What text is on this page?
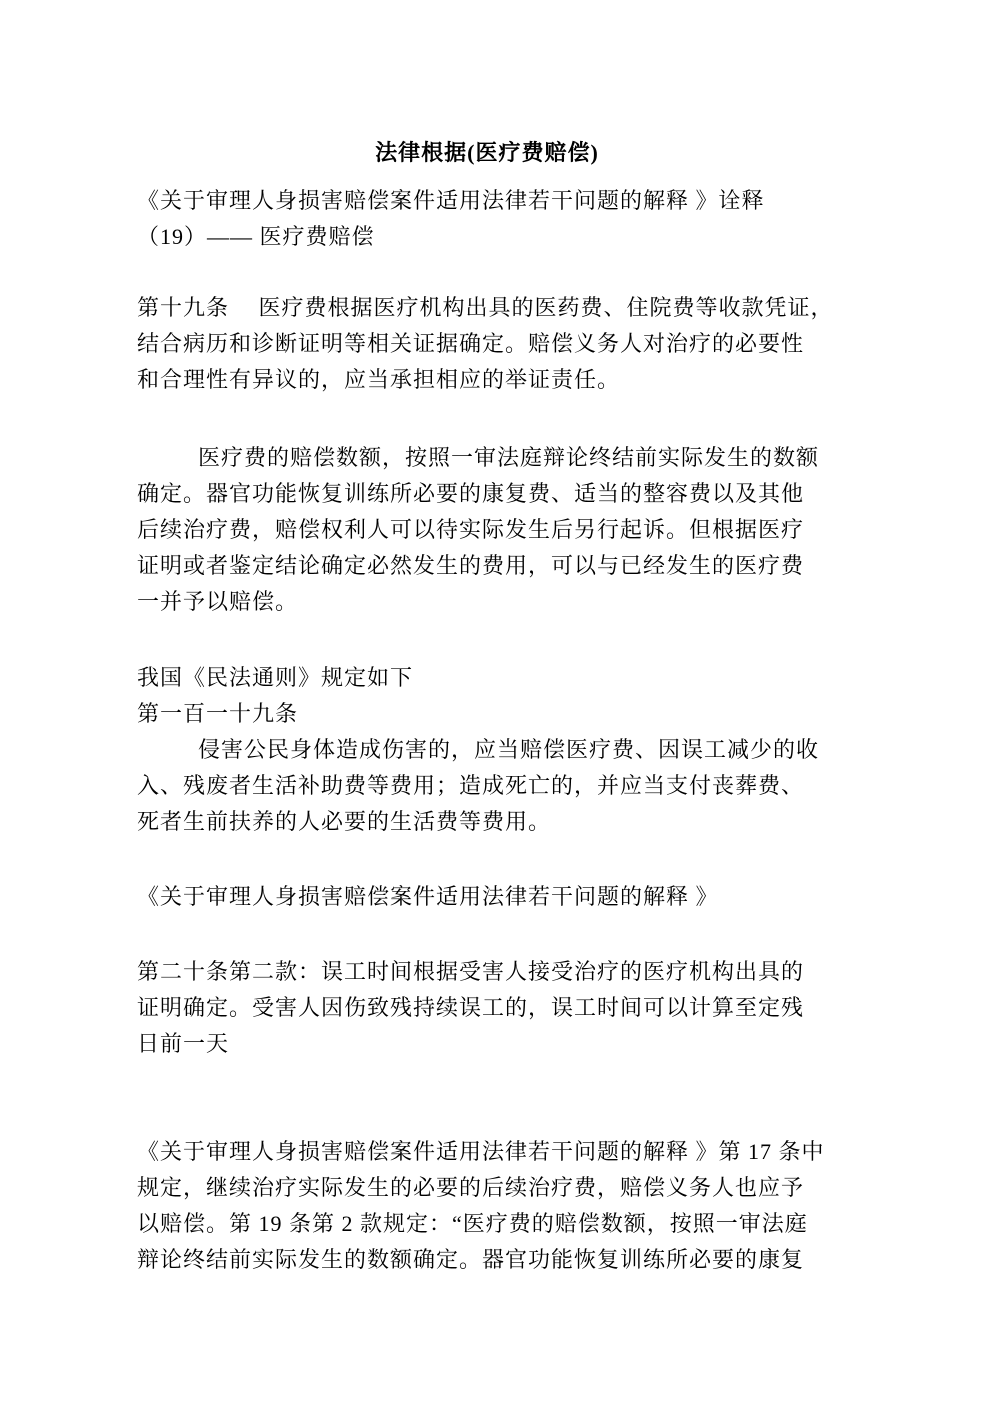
法律根据(医疗费赔偿)
《关于审理人身损害赔偿案件适用法律若干问题的解释 》诠释
（19）—— 医疗费赔偿
第十九条　 医疗费根据医疗机构出具的医药费、住院费等收款凭证，
结合病历和诊断证明等相关证据确定。赔偿义务人对治疗的必要性
和合理性有异议的，应当承担相应的举证责任。
医疗费的赔偿数额，按照一审法庭辩论终结前实际发生的数额
确定。器官功能恢复训练所必要的康复费、适当的整容费以及其他
后续治疗费，赔偿权利人可以待实际发生后另行起诉。但根据医疗
证明或者鉴定结论确定必然发生的费用，可以与已经发生的医疗费
一并予以赔偿。
我国《民法通则》规定如下
第一百一十九条
侵害公民身体造成伤害的，应当赔偿医疗费、因误工减少的收
入、残废者生活补助费等费用；造成死亡的，并应当支付丧葬费、
死者生前扶养的人必要的生活费等费用。
《关于审理人身损害赔偿案件适用法律若干问题的解释 》
第二十条第二款：误工时间根据受害人接受治疗的医疗机构出具的
证明确定。受害人因伤致残持续误工的，误工时间可以计算至定残
日前一天
《关于审理人身损害赔偿案件适用法律若干问题的解释 》第 17 条中
规定，继续治疗实际发生的必要的后续治疗费，赔偿义务人也应予
以赔偿。第 19 条第 2 款规定：“医疗费的赔偿数额，按照一审法庭
辩论终结前实际发生的数额确定。器官功能恢复训练所必要的康复
